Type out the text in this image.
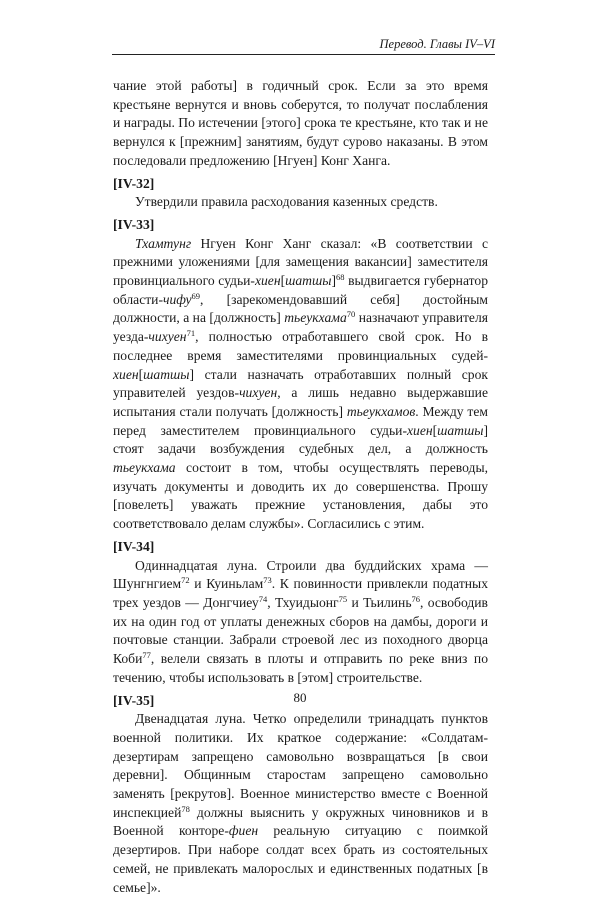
Перевод. Главы IV–VI

чание этой работы] в годичный срок. Если за это время крестьяне вернутся и вновь соберутся, то получат послабления и награды. По истечении [этого] срока те крестьяне, кто так и не вернулся к [прежним] занятиям, будут сурово наказаны. В этом последовали предложению [Нгуен] Конг Ханга.

[IV-32]

Утвердили правила расходования казенных средств.

[IV-33]

Тхамтунг Нгуен Конг Ханг сказал: «В соответствии с прежними уложениями [для замещения вакансии] заместителя провинциального судьи-хиен[шатшы]$^{68}$ выдвигается губернатор области-чифу$^{69}$, [зарекомендовавший себя] достойным должности, а на [должность] тьеукхама$^{70}$ назначают управителя уезда-чихуен$^{71}$, полностью отработавшего свой срок. Но в последнее время заместителями провинциальных судей-хиен[шатшы] стали назначать отработавших полный срок управителей уездов-чихуен, а лишь недавно выдержавшие испытания стали получать [должность] тьеукхамов. Между тем перед заместителем провинциального судьи-хиен[шатшы] стоят задачи возбуждения судебных дел, а должность тьеукхама состоит в том, чтобы осуществлять переводы, изучать документы и доводить их до совершенства. Прошу [повелеть] уважать прежние установления, дабы это соответствовало делам службы». Согласились с этим.

[IV-34]

Одиннадцатая луна. Строили два буддийских храма — Шунгнгием$^{72}$ и Куиньлам$^{73}$. К повинности привлекли податных трех уездов — Донгчиеу$^{74}$, Тхуидыонг$^{75}$ и Тьилинь$^{76}$, освободив их на один год от уплаты денежных сборов на дамбы, дороги и почтовые станции. Забрали строевой лес из походного дворца Коби$^{77}$, велели связать в плоты и отправить по реке вниз по течению, чтобы использовать в [этом] строительстве.

[IV-35]

Двенадцатая луна. Четко определили тринадцать пунктов военной политики. Их краткое содержание: «Солдатам-дезертирам запрещено самовольно возвращаться [в свои деревни]. Общинным старостам запрещено самовольно заменять [рекрутов]. Военное министерство вместе с Военной инспекцией$^{78}$ должны выяснить у окружных чиновников и в Военной конторе-фиен реальную ситуацию с поимкой дезертиров. При наборе солдат всех брать из состоятельных семей, не привлекать малорослых и единственных податных [в семье]».

80
